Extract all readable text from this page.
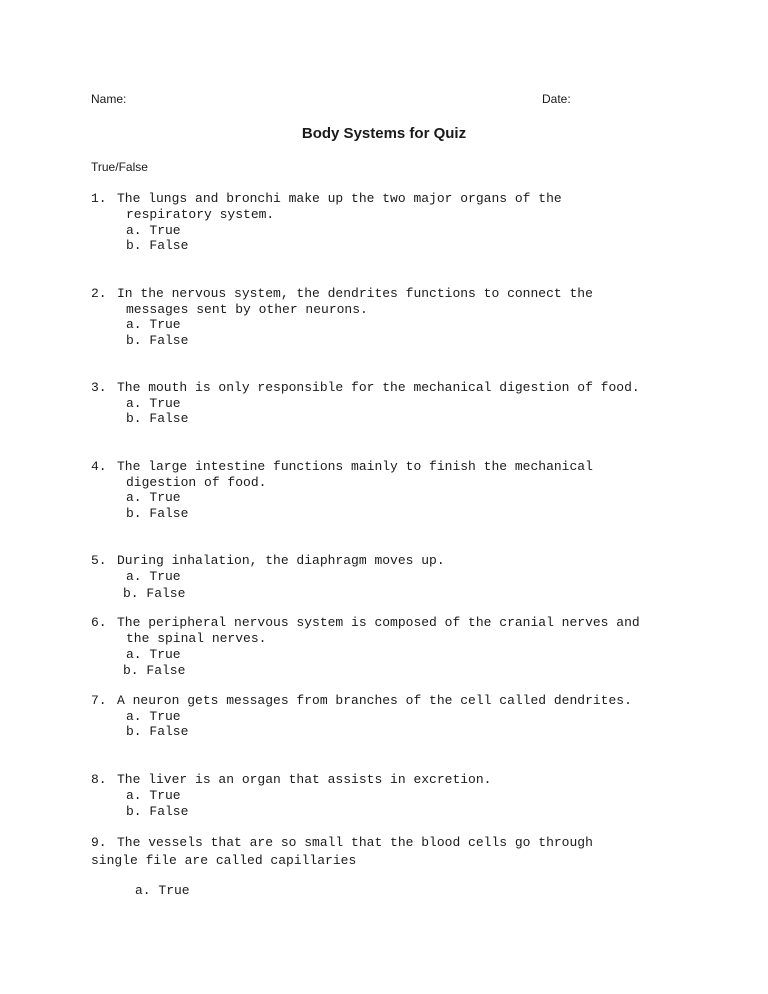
Name:	Date:
Body Systems for Quiz
True/False
1. The lungs and bronchi make up the two major organs of the
respiratory system.
a. True
b. False
2. In the nervous system, the dendrites functions to connect the
messages sent by other neurons.
a. True
b. False
3. The mouth is only responsible for the mechanical digestion of food.
a. True
b. False
4. The large intestine functions mainly to finish the mechanical
digestion of food.
a. True
b. False
5. During inhalation, the diaphragm moves up.
a. True
b. False
6. The peripheral nervous system is composed of the cranial nerves and
the spinal nerves.
a. True
b. False
7. A neuron gets messages from branches of the cell called dendrites.
a. True
b. False
8. The liver is an organ that assists in excretion.
a. True
b. False
9. The vessels that are so small that the blood cells go through
single file are called capillaries
a. True
